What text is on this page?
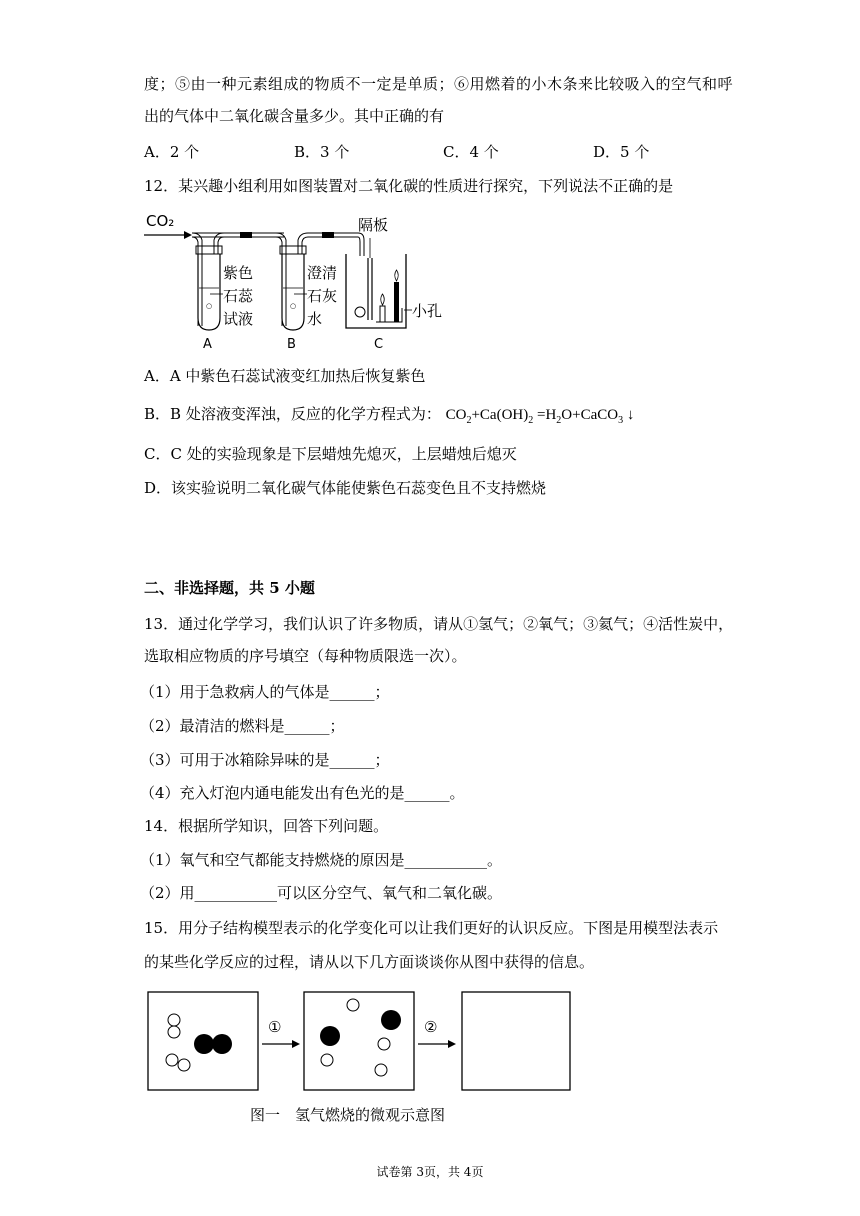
度；⑤由一种元素组成的物质不一定是单质；⑥用燃着的小木条来比较吸入的空气和呼
出的气体中二氧化碳含量多少。其中正确的有
A．2 个	B．3 个	C．4 个	D．5 个
12．某兴趣小组利用如图装置对二氧化碳的性质进行探究，下列说法不正确的是
CO₂
○
紫色
石蕊
试液
A
○
澄清
石灰
水
B
隔板
小孔
C
A．A 中紫色石蕊试液变红加热后恢复紫色
B．B 处溶液变浑浊，反应的化学方程式为： $CO_2+Ca(OH)_2$ $=H_2O+CaCO_3$ ↓
C．C 处的实验现象是下层蜡烛先熄灭，上层蜡烛后熄灭
D．该实验说明二氧化碳气体能使紫色石蕊变色且不支持燃烧
二、非选择题，共 5 小题
13．通过化学学习，我们认识了许多物质，请从①氢气；②氧气；③氦气；④活性炭中，
选取相应物质的序号填空（每种物质限选一次）。
（1）用于急救病人的气体是______；
（2）最清洁的燃料是______；
（3）可用于冰箱除异味的是______；
（4）充入灯泡内通电能发出有色光的是______。
14．根据所学知识，回答下列问题。
（1）氧气和空气都能支持燃烧的原因是___________。
（2）用___________可以区分空气、氧气和二氧化碳。
15．用分子结构模型表示的化学变化可以让我们更好的认识反应。下图是用模型法表示
的某些化学反应的过程，请从以下几方面谈谈你从图中获得的信息。
①	②
图一　氢气燃烧的微观示意图
试卷第 3页，共 4页
